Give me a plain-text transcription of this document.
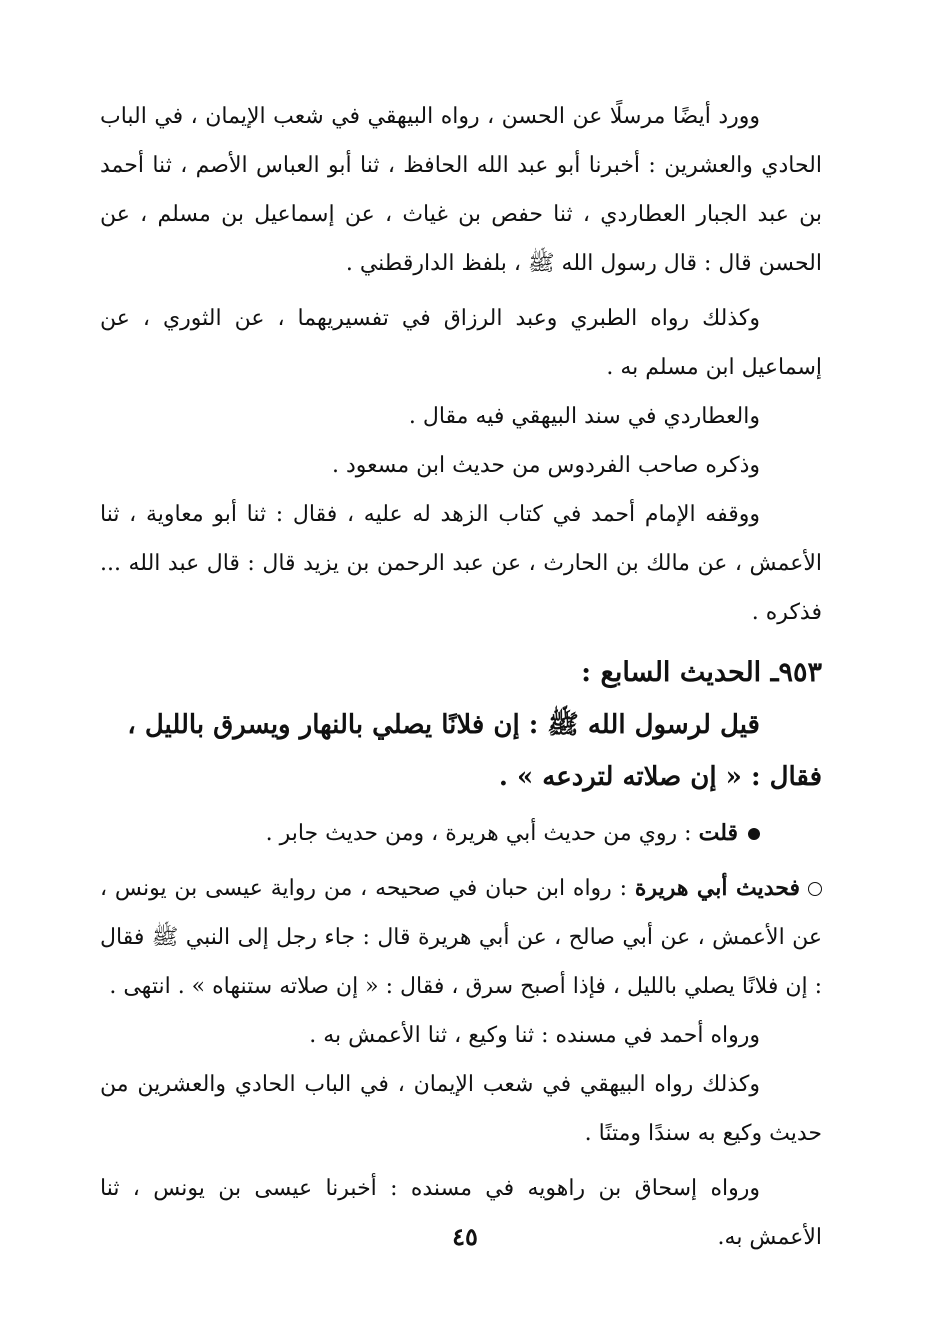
وورد أيضًا مرسلًا عن الحسن ، رواه البيهقي في شعب الإيمان ، في الباب الحادي والعشرين : أخبرنا أبو عبد الله الحافظ ، ثنا أبو العباس الأصم ، ثنا أحمد بن عبد الجبار العطاردي ، ثنا حفص بن غياث ، عن إسماعيل بن مسلم ، عن الحسن قال : قال رسول الله ﷺ ، بلفظ الدارقطني .

وكذلك رواه الطبري وعبد الرزاق في تفسيريهما ، عن الثوري ، عن إسماعيل ابن مسلم به .

والعطاردي في سند البيهقي فيه مقال .

وذكره صاحب الفردوس من حديث ابن مسعود .

ووقفه الإمام أحمد في كتاب الزهد له عليه ، فقال : ثنا أبو معاوية ، ثنا الأعمش ، عن مالك بن الحارث ، عن عبد الرحمن بن يزيد قال : قال عبد الله ... فذكره .

٩٥٣ـ الحديث السابع :

قيل لرسول الله ﷺ : إن فلانًا يصلي بالنهار ويسرق بالليل ،

فقال : « إن صلاته لتردعه » .

قلت : روي من حديث أبي هريرة ، ومن حديث جابر .

فحديث أبي هريرة : رواه ابن حبان في صحيحه ، من رواية عيسى بن يونس ، عن الأعمش ، عن أبي صالح ، عن أبي هريرة قال : جاء رجل إلى النبي ﷺ فقال : إن فلانًا يصلي بالليل ، فإذا أصبح سرق ، فقال : « إن صلاته ستنهاه » . انتهى .

ورواه أحمد في مسنده : ثنا وكيع ، ثنا الأعمش به .

وكذلك رواه البيهقي في شعب الإيمان ، في الباب الحادي والعشرين من حديث وكيع به سندًا ومتنًا .

ورواه إسحاق بن راهويه في مسنده : أخبرنا عيسى بن يونس ، ثنا الأعمش به.

٤٥
